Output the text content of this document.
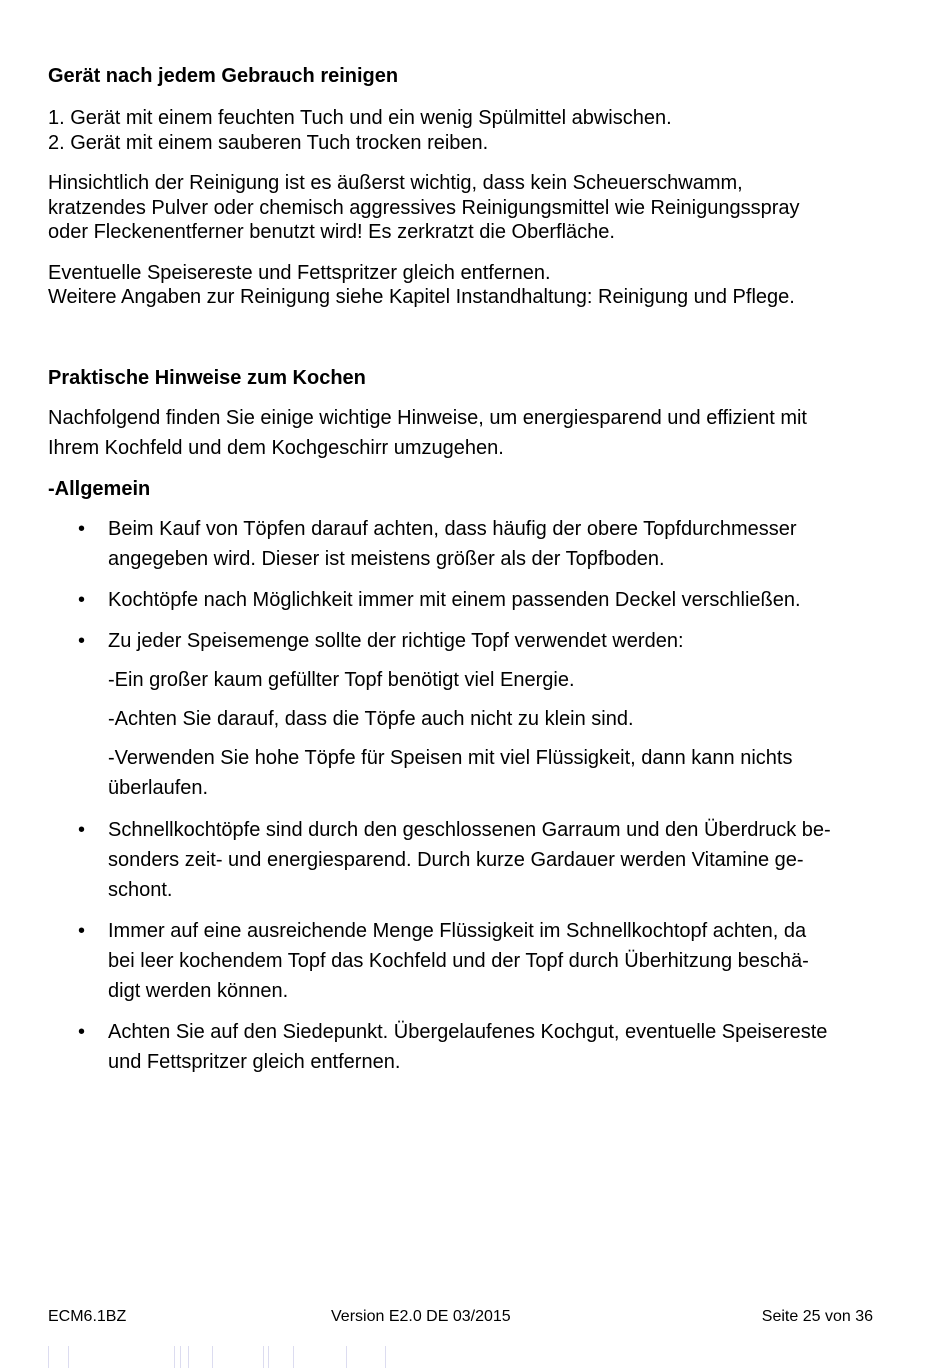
Gerät nach jedem Gebrauch reinigen

1. Gerät mit einem feuchten Tuch und ein wenig Spülmittel abwischen.

2. Gerät mit einem sauberen Tuch trocken reiben.

Hinsichtlich der Reinigung ist es äußerst wichtig, dass kein Scheuerschwamm,

kratzendes Pulver oder chemisch aggressives Reinigungsmittel wie Reinigungsspray

oder Fleckenentferner benutzt wird! Es zerkratzt die Oberfläche.

Eventuelle Speisereste und Fettspritzer gleich entfernen.

Weitere Angaben zur Reinigung siehe Kapitel Instandhaltung: Reinigung und Pflege.

Praktische Hinweise zum Kochen

Nachfolgend finden Sie einige wichtige Hinweise, um energiesparend und effizient mit

Ihrem Kochfeld und dem Kochgeschirr umzugehen.

-Allgemein
• Beim Kauf von Töpfen darauf achten, dass häufig der obere Topfdurchmesser
angegeben wird. Dieser ist meistens größer als der Topfboden.
• Kochtöpfe nach Möglichkeit immer mit einem passenden Deckel verschließen.
• Zu jeder Speisemenge sollte der richtige Topf verwendet werden:
-Ein großer kaum gefüllter Topf benötigt viel Energie.
-Achten Sie darauf, dass die Töpfe auch nicht zu klein sind.
-Verwenden Sie hohe Töpfe für Speisen mit viel Flüssigkeit, dann kann nichts
überlaufen.
• Schnellkochtöpfe sind durch den geschlossenen Garraum und den Überdruck be-
sonders zeit- und energiesparend. Durch kurze Gardauer werden Vitamine ge-
schont.
• Immer auf eine ausreichende Menge Flüssigkeit im Schnellkochtopf achten, da
bei leer kochendem Topf das Kochfeld und der Topf durch Überhitzung beschä-
digt werden können.
• Achten Sie auf den Siedepunkt. Übergelaufenes Kochgut, eventuelle Speisereste
und Fettspritzer gleich entfernen.
ECM6.1BZ	Version E2.0 DE 03/2015	Seite 25 von 36
